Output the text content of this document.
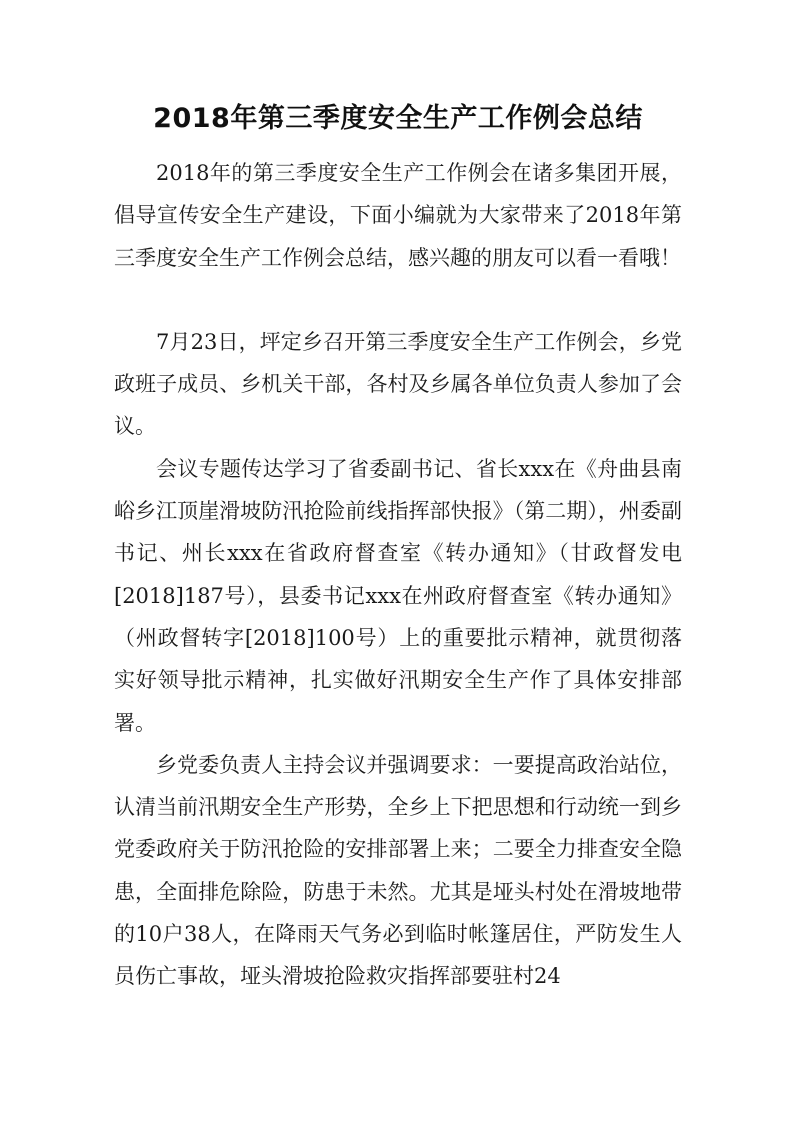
2018年第三季度安全生产工作例会总结

2018年的第三季度安全生产工作例会在诸多集团开展，倡导宣传安全生产建设，下面小编就为大家带来了2018年第三季度安全生产工作例会总结，感兴趣的朋友可以看一看哦！

7月23日，坪定乡召开第三季度安全生产工作例会，乡党政班子成员、乡机关干部，各村及乡属各单位负责人参加了会议。

会议专题传达学习了省委副书记、省长xxx在《舟曲县南峪乡江顶崖滑坡防汛抢险前线指挥部快报》（第二期），州委副书记、州长xxx在省政府督查室《转办通知》（甘政督发电[2018]187号），县委书记xxx在州政府督查室《转办通知》（州政督转字[2018]100号）上的重要批示精神，就贯彻落实好领导批示精神，扎实做好汛期安全生产作了具体安排部署。

乡党委负责人主持会议并强调要求：一要提高政治站位，认清当前汛期安全生产形势，全乡上下把思想和行动统一到乡党委政府关于防汛抢险的安排部署上来；二要全力排查安全隐患，全面排危除险，防患于未然。尤其是垭头村处在滑坡地带的10户38人，在降雨天气务必到临时帐篷居住，严防发生人员伤亡事故，垭头滑坡抢险救灾指挥部要驻村24
